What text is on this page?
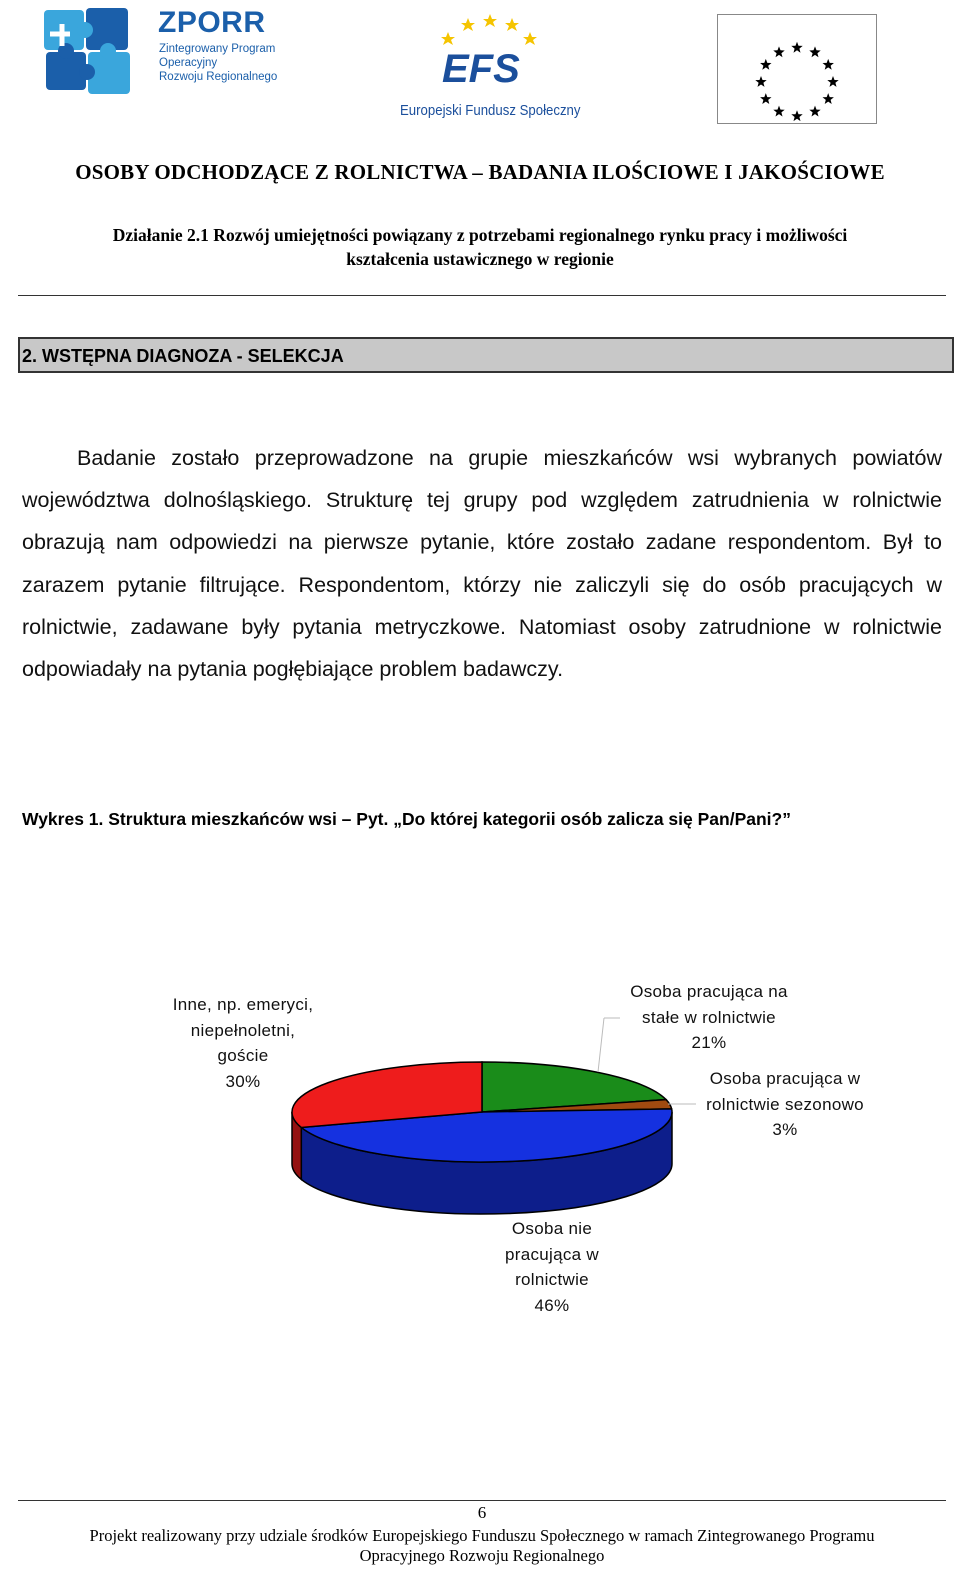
ZPORR
Zintegrowany Program
Operacyjny
Rozwoju Regionalnego	EFS
Europejski Fundusz Społeczny
OSOBY ODCHODZĄCE Z ROLNICTWA – BADANIA ILOŚCIOWE I JAKOŚCIOWE
Działanie 2.1 Rozwój umiejętności powiązany z potrzebami regionalnego rynku pracy i możliwości
kształcenia ustawicznego w regionie
2. WSTĘPNA DIAGNOZA - SELEKCJA
Badanie zostało przeprowadzone na grupie mieszkańców wsi wybranych powiatów województwa dolnośląskiego. Strukturę tej grupy pod względem zatrudnienia w rolnictwie obrazują nam odpowiedzi na pierwsze pytanie, które zostało zadane respondentom. Był to zarazem pytanie filtrujące. Respondentom, którzy nie zaliczyli się do osób pracujących w rolnictwie, zadawane były pytania metryczkowe. Natomiast osoby zatrudnione w rolnictwie odpowiadały na pytania pogłębiające problem badawczy.
Wykres 1. Struktura mieszkańców wsi – Pyt. „Do której kategorii osób zalicza się Pan/Pani?”
Osoba pracująca na
stałe w rolnictwie
21%
Osoba pracująca w
rolnictwie sezonowo
3%
Osoba nie
pracująca w
rolnictwie
46%
Inne, np. emeryci,
niepełnoletni,
goście
30%
6
Projekt realizowany przy udziale środków Europejskiego Funduszu Społecznego w ramach Zintegrowanego Programu
Opracyjnego Rozwoju Regionalnego
